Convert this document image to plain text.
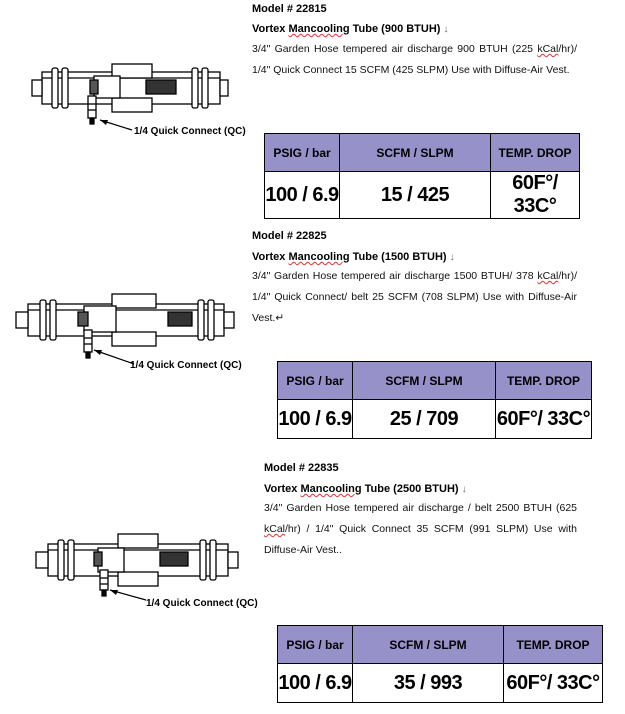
1/4 Quick Connect (QC)
Model # 22815
Vortex Mancooling Tube (900 BTUH) ↓
3/4" Garden Hose tempered air discharge 900 BTUH (225 kCal/hr)/ 1/4" Quick Connect 15 SCFM (425 SLPM) Use with Diffuse-Air Vest.
PSIG / bar	SCFM / SLPM	TEMP. DROP
100 / 6.9	15 / 425	60F°/ 33C°
1/4 Quick Connect (QC)
Model # 22825
Vortex Mancooling Tube (1500 BTUH) ↓
3/4" Garden Hose tempered air discharge 1500 BTUH/ 378 kCal/hr)/ 1/4" Quick Connect/ belt 25 SCFM (708 SLPM) Use with Diffuse-Air Vest.↵
PSIG / bar	SCFM / SLPM	TEMP. DROP
100 / 6.9	25 / 709	60F°/ 33C°
1/4 Quick Connect (QC)
Model # 22835
Vortex Mancooling Tube (2500 BTUH) ↓
3/4" Garden Hose tempered air discharge / belt 2500 BTUH (625 kCal/hr) / 1/4" Quick Connect 35 SCFM (991 SLPM) Use with Diffuse-Air Vest..
PSIG / bar	SCFM / SLPM	TEMP. DROP
100 / 6.9	35 / 993	60F°/ 33C°
